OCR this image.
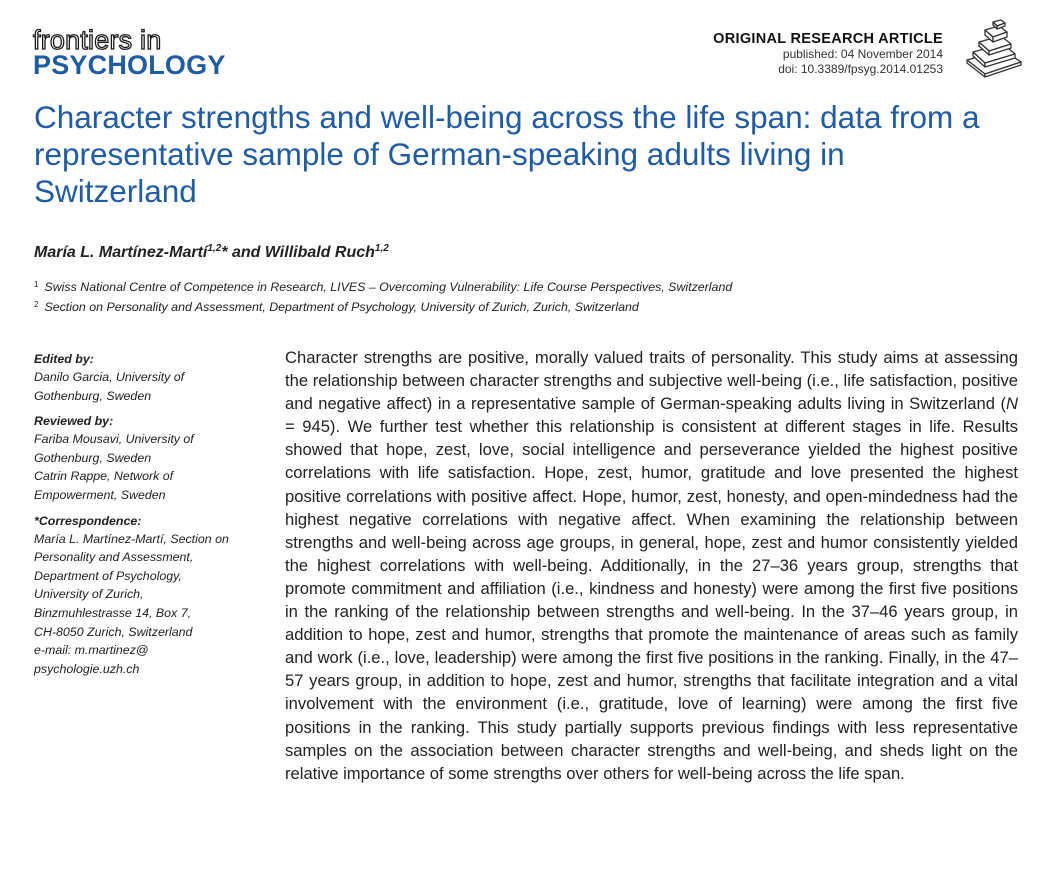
frontiers in
PSYCHOLOGY
ORIGINAL RESEARCH ARTICLE
published: 04 November 2014
doi: 10.3389/fpsyg.2014.01253
Character strengths and well-being across the life span: data from a representative sample of German-speaking adults living in Switzerland
María L. Martínez-Martí$^{1,2}$* and Willibald Ruch$^{1,2}$
$^1$ Swiss National Centre of Competence in Research, LIVES – Overcoming Vulnerability: Life Course Perspectives, Switzerland
$^2$ Section on Personality and Assessment, Department of Psychology, University of Zurich, Zurich, Switzerland
Edited by:
Danilo Garcia, University of
Gothenburg, Sweden
Reviewed by:
Fariba Mousavi, University of
Gothenburg, Sweden
Catrin Rappe, Network of
Empowerment, Sweden
*Correspondence:
María L. Martínez-Martí, Section on
Personality and Assessment,
Department of Psychology,
University of Zurich,
Binzmuhlestrasse 14, Box 7,
CH-8050 Zurich, Switzerland
e-mail: m.martinez@
psychologie.uzh.ch

Character strengths are positive, morally valued traits of personality. This study aims at assessing the relationship between character strengths and subjective well-being (i.e., life satisfaction, positive and negative affect) in a representative sample of German-speaking adults living in Switzerland (N = 945). We further test whether this relationship is consistent at different stages in life. Results showed that hope, zest, love, social intelligence and perseverance yielded the highest positive correlations with life satisfaction. Hope, zest, humor, gratitude and love presented the highest positive correlations with positive affect. Hope, humor, zest, honesty, and open-mindedness had the highest negative correlations with negative affect. When examining the relationship between strengths and well-being across age groups, in general, hope, zest and humor consistently yielded the highest correlations with well-being. Additionally, in the 27–36 years group, strengths that promote commitment and affiliation (i.e., kindness and honesty) were among the first five positions in the ranking of the relationship between strengths and well-being. In the 37–46 years group, in addition to hope, zest and humor, strengths that promote the maintenance of areas such as family and work (i.e., love, leadership) were among the first five positions in the ranking. Finally, in the 47–57 years group, in addition to hope, zest and humor, strengths that facilitate integration and a vital involvement with the environment (i.e., gratitude, love of learning) were among the first five positions in the ranking. This study partially supports previous findings with less representative samples on the association between character strengths and well-being, and sheds light on the relative importance of some strengths over others for well-being across the life span.
